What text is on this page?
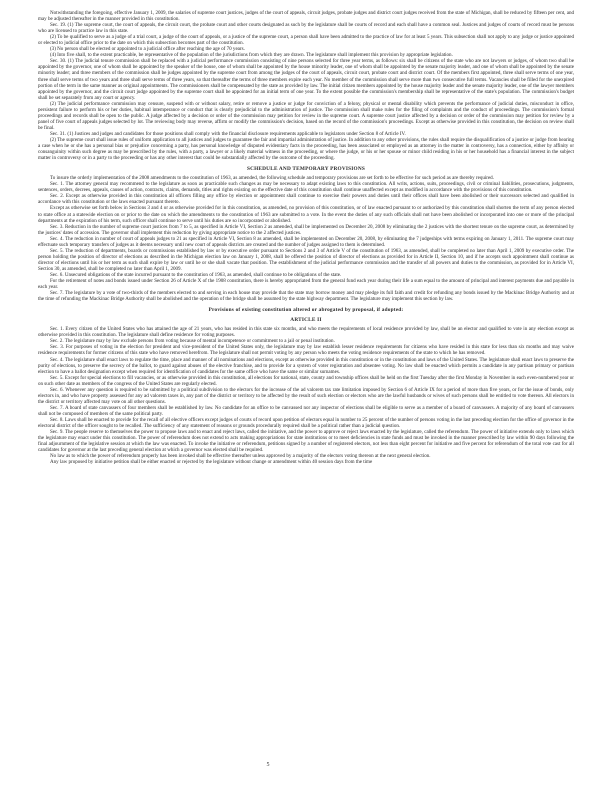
Notwithstanding the foregoing, effective January 1, 2009, the salaries of supreme court justices, judges of the court of appeals, circuit judges, probate judges and district court judges received from the state of Michigan, shall be reduced by fifteen per cent, and may be adjusted thereafter in the manner provided in this constitution.

Sec. 19. (1) The supreme court, the court of appeals, the circuit court, the probate court and other courts designated as such by the legislature shall be courts of record and each shall have a common seal. Justices and judges of courts of record must be persons who are licensed to practice law in this state.

(2) To be qualified to serve as a judge of a trial court, a judge of the court of appeals, or a justice of the supreme court, a person shall have been admitted to the practice of law for at least 5 years. This subsection shall not apply to any judge or justice appointed or elected to judicial office prior to the date on which this subsection becomes part of the constitution.

(3) No person shall be elected or appointed to a judicial office after reaching the age of 70 years.

(4) Into five shall, to the extent practicable, be representative of the population of the jurisdictions from which they are drawn. The legislature shall implement this provision by appropriate legislation.

Sec. 30. (1) The judicial tenure commission shall be replaced with a judicial performance commission consisting of nine persons selected for three year terms, as follows: six shall be citizens of the state who are not lawyers or judges, of whom two shall be appointed by the governor, one of whom shall be appointed by the speaker of the house, one of whom shall be appointed by the house minority leader, one of whom shall be appointed by the senate majority leader, and one of whom shall be appointed by the senate minority leader; and three members of the commission shall be judges appointed by the supreme court from among the judges of the court of appeals, circuit court, probate court and district court. Of the members first appointed, three shall serve terms of one year, three shall serve terms of two years and three shall serve terms of three years, so that thereafter the terms of three members expire each year. No member of the commission shall serve more than two consecutive full terms. Vacancies shall be filled for the unexpired portion of the term in the same manner as original appointments. The commissioners shall be compensated by the state as provided by law. The initial citizen members appointed by the house majority leader and the senate majority leader, one of the lawyer members appointed by the governor, and the circuit court judge appointed by the supreme court shall be appointed for an initial term of one year. To the extent possible the commission's membership shall be representative of the state's population. The commission's budget shall be set separately from any court or agency.

(2) The judicial performance commission may censure, suspend with or without salary, retire or remove a justice or judge for conviction of a felony, physical or mental disability which prevents the performance of judicial duties, misconduct in office, persistent failure to perform his or her duties, habitual intemperance or conduct that is clearly prejudicial to the administration of justice. The commission shall make rules for the filing of complaints and the conduct of proceedings. The commission's formal proceedings and records shall be open to the public. A judge affected by a decision or order of the commission may petition for review in the supreme court. A supreme court justice affected by a decision or order of the commission may petition for review by a panel of five court of appeals judges selected by lot. The reviewing body may reverse, affirm or modify the commission's decision, based on the record of the commission's proceedings. Except as otherwise provided in this constitution, the decision on review shall be final.

Sec. 31. (1) Justices and judges and candidates for those positions shall comply with the financial disclosure requirements applicable to legislators under Section 8 of Article IV.

(2) The supreme court shall issue rules of uniform application to all justices and judges to guarantee the fair and impartial administration of justice. In addition to any other provisions, the rules shall require the disqualification of a justice or judge from hearing a case when he or she has a personal bias or prejudice concerning a party, has personal knowledge of disputed evidentiary facts in the proceeding, has been associated or employed as an attorney in the matter in controversy, has a connection, either by affinity or consanguinity within such degree as may be prescribed by the rules, with a party, a lawyer or a likely material witness in the proceeding, or where the judge, or his or her spouse or minor child residing in his or her household has a financial interest in the subject matter in controversy or in a party to the proceeding or has any other interest that could be substantially affected by the outcome of the proceeding.

SCHEDULE AND TEMPORARY PROVISIONS

To insure the orderly implementation of the 2008 amendments to the constitution of 1963, as amended, the following schedule and temporary provisions are set forth to be effective for such period as are thereby required.

Sec. 1. The attorney general may recommend to the legislature as soon as practicable such changes as may be necessary to adapt existing laws to this constitution. All writs, actions, suits, proceedings, civil or criminal liabilities, prosecutions, judgments, sentences, orders, decrees, appeals, causes of action, contracts, claims, demands, titles and rights existing on the effective date of this constitution shall continue unaffected except as modified in accordance with the provisions of this constitution.

Sec. 2. Except as otherwise provided in this constitution all officers filling any office by election or appointment shall continue to exercise their powers and duties until their offices shall have been abolished or their successors selected and qualified in accordance with this constitution or the laws enacted pursuant thereto.

Except as otherwise set forth below in Sections 3 and 4 or as otherwise provided for in this constitution, as amended, no provision of this constitution, or of law enacted pursuant to or authorized by this constitution shall shorten the term of any person elected to state office at a statewide election on or prior to the date on which the amendments to the constitution of 1963 are submitted to a vote. In the event the duties of any such officials shall not have been abolished or incorporated into one or more of the principal departments at the expiration of his term, such officer shall continue to serve until his duties are so incorporated or abolished.

Sec. 3. Reduction in the number of supreme court justices from 7 to 5, as specified in Article VI, Section 2 as amended, shall be implemented on December 20, 2008 by eliminating the 2 justices with the shortest tenure on the supreme court, as determined by the justices' dates of accession. The governor shall implement this reduction by giving appropriate notice to the 2 affected justices.

Sec. 4. The reduction in number of court of appeals judges to 21 as specified in Article VI, Section 8 as amended, shall be implemented on December 20, 2008, by eliminating the 7 judgeships with terms expiring on January 1, 2011. The supreme court may effectuate such temporary transfers of judges as it deems necessary until new court of appeals districts are created and the number of judges assigned to them is determined.

Sec. 5. The reduction of departments, boards or commissions established by law or by executive order pursuant to Sections 2 and 3 of Article V of the constitution of 1963, as amended, shall be completed no later than April 1, 2009 by executive order. The person holding the position of director of elections as described in the Michigan election law on January 1, 2008, shall be offered the position of director of elections as provided for in Article II, Section 10, and if he accepts such appointment shall continue as director of elections until his or her term as such shall expire by law or until he or she shall vacate that position. The establishment of the judicial performance commission and the transfer of all powers and duties to the commission, as provided for in Article VI, Section 30, as amended, shall be completed no later than April 1, 2009.

Sec. 6. Unsecured obligations of the state incurred pursuant to the constitution of 1963, as amended, shall continue to be obligations of the state.

For the retirement of notes and bonds issued under Section 26 of Article X of the 1908 constitution, there is hereby appropriated from the general fund each year during their life a sum equal to the amount of principal and interest payments due and payable in each year.

Sec. 7. The legislature by a vote of two-thirds of the members elected to and serving in each house may provide that the state may borrow money and may pledge its full faith and credit for refunding any bonds issued by the Mackinac Bridge Authority and at the time of refunding the Mackinac Bridge Authority shall be abolished and the operation of the bridge shall be assumed by the state highway department. The legislature may implement this section by law.

Provisions of existing constitution altered or abrogated by proposal, if adopted:
ARTICLE II

Sec. 1. Every citizen of the United States who has attained the age of 21 years, who has resided in this state six months, and who meets the requirements of local residence provided by law, shall be an elector and qualified to vote in any election except as otherwise provided in this constitution. The legislature shall define residence for voting purposes.

Sec. 2. The legislature may by law exclude persons from voting because of mental incompetence or commitment to a jail or penal institution.

Sec. 3. For purposes of voting in the election for president and vice-president of the United States only, the legislature may by law establish lesser residence requirements for citizens who have resided in this state for less than six months and may waive residence requirements for former citizens of this state who have removed herefrom. The legislature shall not permit voting by any person who meets the voting residence requirements of the state to which he has removed.

Sec. 4. The legislature shall enact laws to regulate the time, place and manner of all nominations and elections, except as otherwise provided in this constitution or in the constitution and laws of the United States. The legislature shall enact laws to preserve the purity of elections, to preserve the secrecy of the ballot, to guard against abuses of the elective franchise, and to provide for a system of voter registration and absentee voting. No law shall be enacted which permits a candidate in any partisan primary or partisan election to have a ballot designation except when required for identification of candidates for the same office who have the same or similar surnames.

Sec. 5. Except for special elections to fill vacancies, or as otherwise provided in this constitution, all elections for national, state, county and township offices shall be held on the first Tuesday after the first Monday in November in each even-numbered year or on such other date as members of the congress of the United States are regularly elected.

Sec. 6. Whenever any question is required to be submitted by a political subdivision to the electors for the increase of the ad valorem tax rate limitation imposed by Section 6 of Article IX for a period of more than five years, or for the issue of bonds, only electors in, and who have property assessed for any ad valorem taxes in, any part of the district or territory to be affected by the result of such election or electors who are the lawful husbands or wives of such persons shall be entitled to vote thereon. All electors in the district or territory affected may vote on all other questions.

Sec. 7. A board of state canvassers of four members shall be established by law. No candidate for an office to be canvassed nor any inspector of elections shall be eligible to serve as a member of a board of canvassers. A majority of any board of canvassers shall not be composed of members of the same political party.

Sec. 8. Laws shall be enacted to provide for the recall of all elective officers except judges of courts of record upon petition of electors equal in number to 25 percent of the number of persons voting in the last preceding election for the office of governor in the electoral district of the officer sought to be recalled. The sufficiency of any statement of reasons or grounds procedurally required shall be a political rather than a judicial question.

Sec. 9. The people reserve to themselves the power to propose laws and to enact and reject laws, called the initiative, and the power to approve or reject laws enacted by the legislature, called the referendum. The power of initiative extends only to laws which the legislature may enact under this constitution. The power of referendum does not extend to acts making appropriations for state institutions or to meet deficiencies in state funds and must be invoked in the manner prescribed by law within 90 days following the final adjournment of the legislative session at which the law was enacted. To invoke the initiative or referendum, petitions signed by a number of registered electors, not less than eight percent for initiative and five percent for referendum of the total vote cast for all candidates for governor at the last preceding general election at which a governor was elected shall be required.

No law as to which the power of referendum properly has been invoked shall be effective thereafter unless approved by a majority of the electors voting thereon at the next general election.

Any law proposed by initiative petition shall be either enacted or rejected by the legislature without change or amendment within 40 session days from the time

5
